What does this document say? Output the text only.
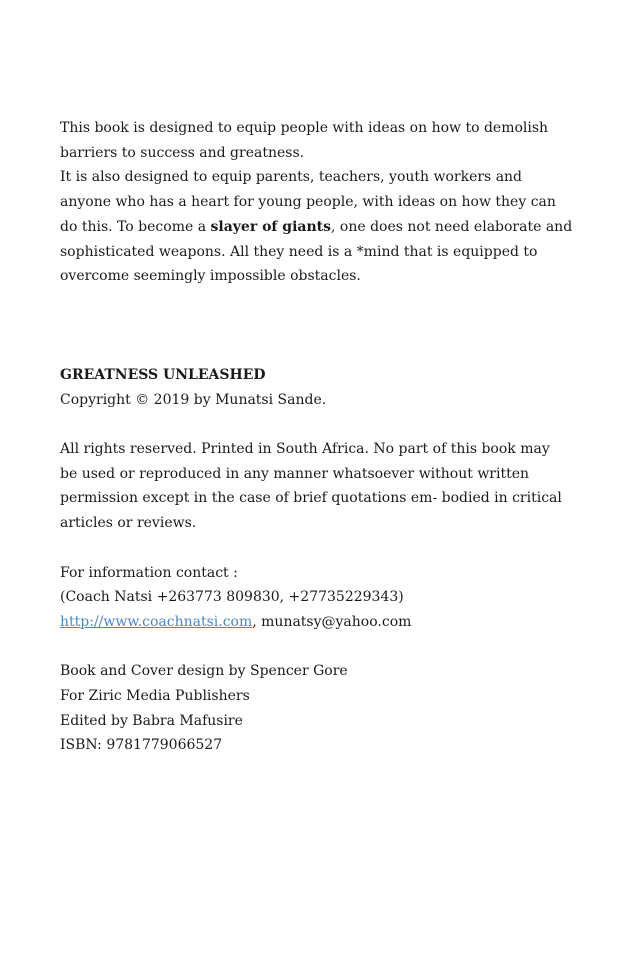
This book is designed to equip people with ideas on how to demolish

barriers to success and greatness.

It is also designed to equip parents, teachers, youth workers and

anyone who has a heart for young people, with ideas on how they can

do this. To become a slayer of giants, one does not need elaborate and

sophisticated weapons. All they need is a *mind that is equipped to

overcome seemingly impossible obstacles.

GREATNESS UNLEASHED

Copyright © 2019 by Munatsi Sande.

All rights reserved. Printed in South Africa. No part of this book may

be used or reproduced in any manner whatsoever without written

permission except in the case of brief quotations em- bodied in critical

articles or reviews.

For information contact :

(Coach Natsi +263773 809830, +27735229343)

http://www.coachnatsi.com, munatsy@yahoo.com

Book and Cover design by Spencer Gore

For Ziric Media Publishers

Edited by Babra Mafusire

ISBN: 9781779066527
